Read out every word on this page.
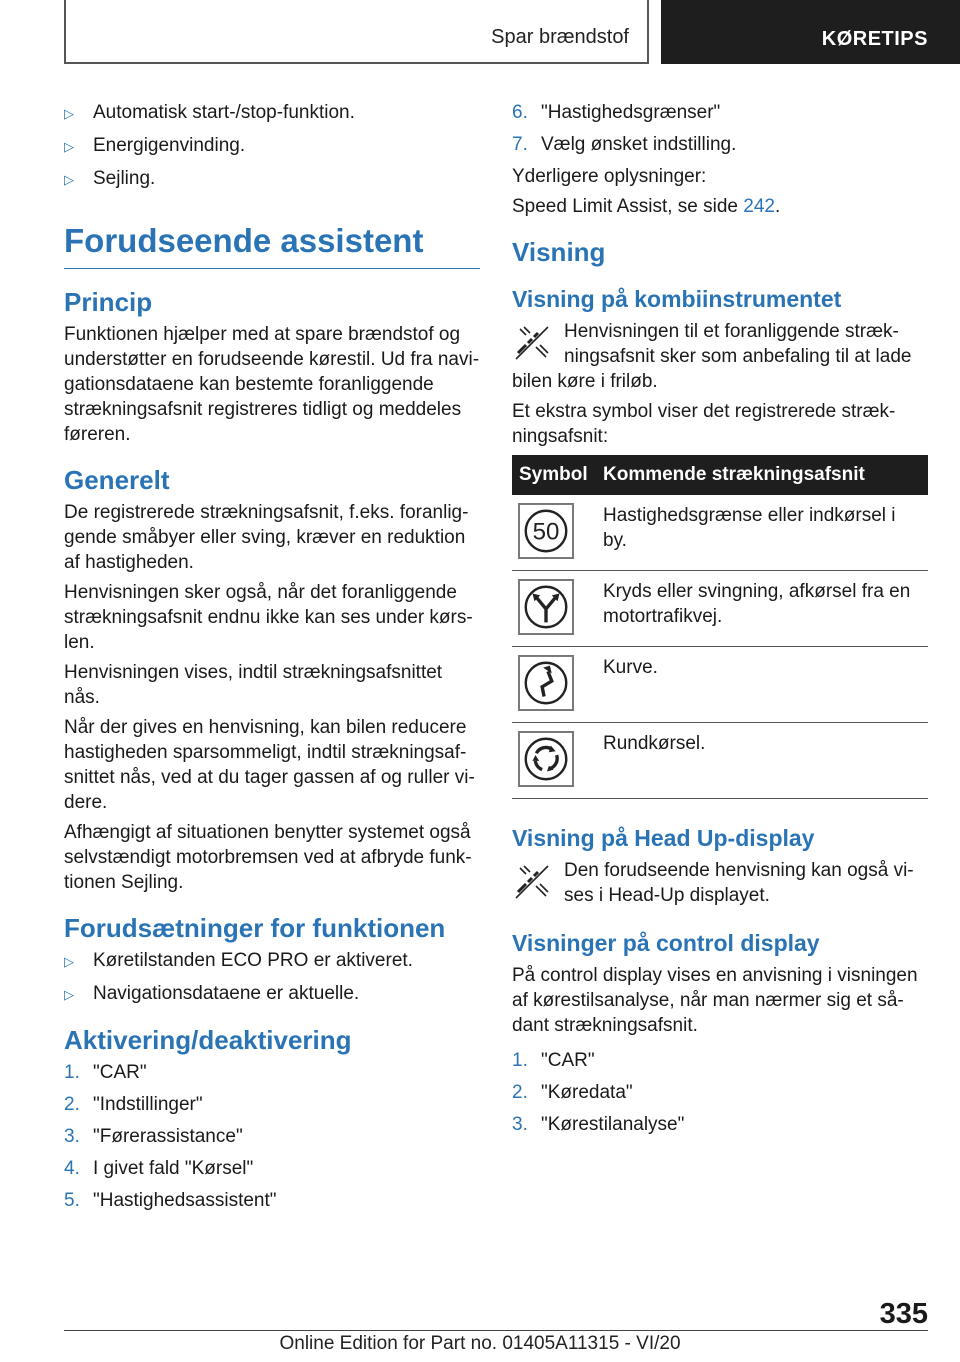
Spar brændstof	KØRETIPS
▷	Automatisk start-/stop-funktion.
▷	Energigenvinding.
▷	Sejling.
Forudseende assistent
Princip

Funktionen hjælper med at spare brændstof og understøtter en forudseende kørestil. Ud fra navi-gationsdataene kan bestemte foranliggende strækningsafsnit registreres tidligt og meddeles føreren.

Generelt

De registrerede strækningsafsnit, f.eks. foranlig-gende småbyer eller sving, kræver en reduktion af hastigheden.

Henvisningen sker også, når det foranliggende strækningsafsnit endnu ikke kan ses under kørs-len.

Henvisningen vises, indtil strækningsafsnittet nås.

Når der gives en henvisning, kan bilen reducere hastigheden sparsommeligt, indtil strækningsaf-snittet nås, ved at du tager gassen af og ruller vi-dere.

Afhængigt af situationen benytter systemet også selvstændigt motorbremsen ved at afbryde funk-tionen Sejling.

Forudsætninger for funktionen
▷	Køretilstanden ECO PRO er aktiveret.
▷	Navigationsdataene er aktuelle.
Aktivering/deaktivering
1. "CAR"
2. "Indstillinger"
3. "Førerassistance"
4. I givet fald "Kørsel"
5. "Hastighedsassistent"
6. "Hastighedsgrænser"
7. Vælg ønsket indstilling.

Yderligere oplysninger:

Speed Limit Assist, se side 242.

Visning
Visning på kombiinstrumentet

Henvisningen til et foranliggende stræk-ningsafsnit sker som anbefaling til at lade bilen køre i friløb.

Et ekstra symbol viser det registrerede stræk-ningsafsnit:

Symbol	Kommende strækningsafsnit

50	Hastighedsgrænse eller indkørsel i by.
	Kryds eller svingning, afkørsel fra en motortrafikvej.
	Kurve.
	Rundkørsel.
Visning på Head Up-display

Den forudseende henvisning kan også vi-ses i Head-Up displayet.

Visninger på control display

På control display vises en anvisning i visningen af kørestilsanalyse, når man nærmer sig et så-dant strækningsafsnit.

1. "CAR"
2. "Køredata"
3. "Kørestilanalyse"
335
Online Edition for Part no. 01405A11315 - VI/20
